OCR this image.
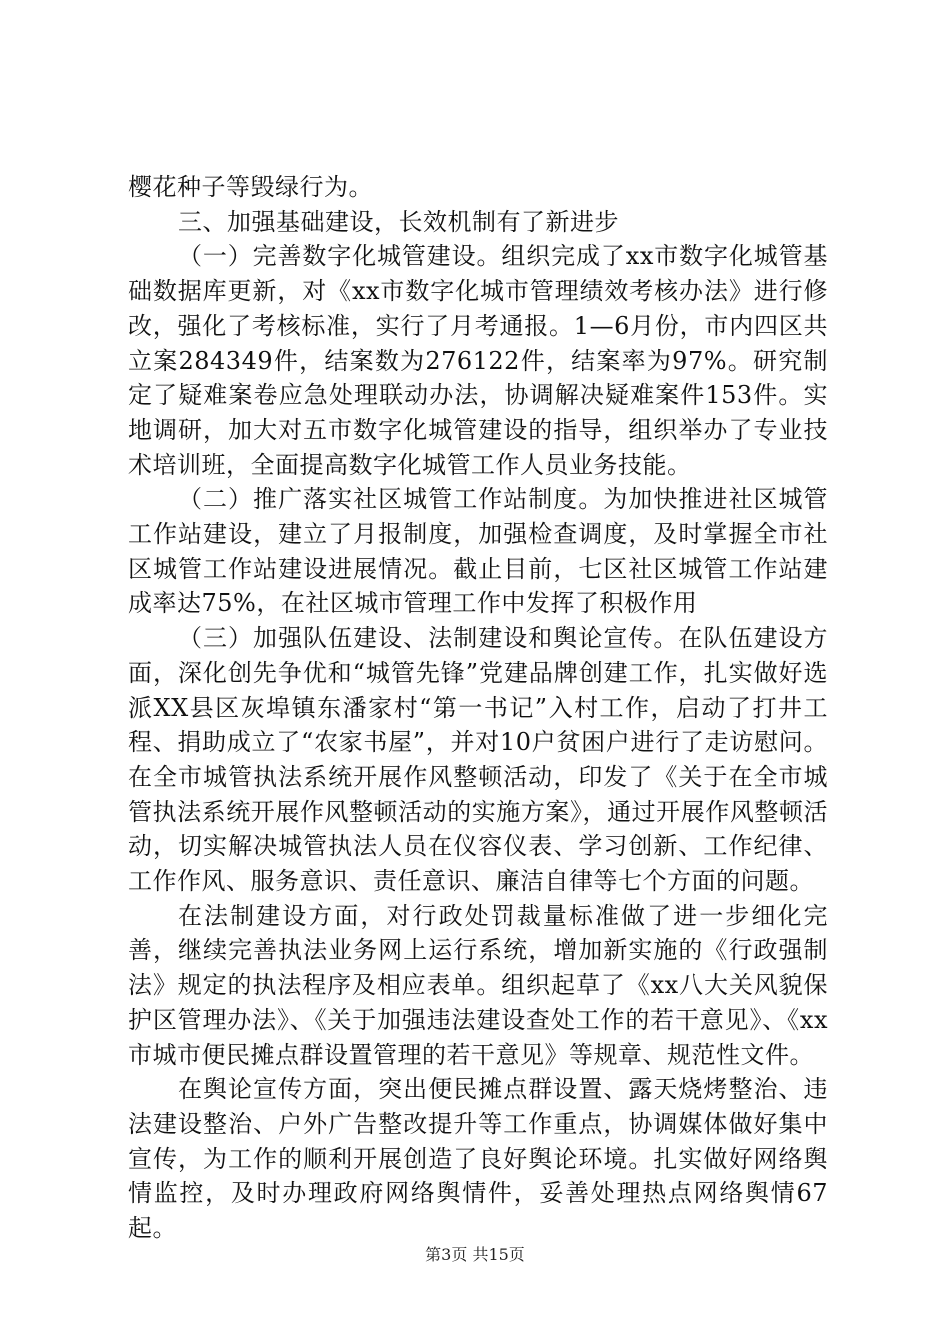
樱花种子等毁绿行为。

三、加强基础建设，长效机制有了新进步

（一）完善数字化城管建设。组织完成了xx市数字化城管基础数据库更新，对《xx市数字化城市管理绩效考核办法》进行修改，强化了考核标准，实行了月考通报。1—6月份，市内四区共立案284349件，结案数为276122件，结案率为97%。研究制定了疑难案卷应急处理联动办法，协调解决疑难案件153件。实地调研，加大对五市数字化城管建设的指导，组织举办了专业技术培训班，全面提高数字化城管工作人员业务技能。

（二）推广落实社区城管工作站制度。为加快推进社区城管工作站建设，建立了月报制度，加强检查调度，及时掌握全市社区城管工作站建设进展情况。截止目前，七区社区城管工作站建成率达75%，在社区城市管理工作中发挥了积极作用

（三）加强队伍建设、法制建设和舆论宣传。在队伍建设方面，深化创先争优和“城管先锋”党建品牌创建工作，扎实做好选派XX县区灰埠镇东潘家村“第一书记”入村工作，启动了打井工程、捐助成立了“农家书屋”，并对10户贫困户进行了走访慰问。在全市城管执法系统开展作风整顿活动，印发了《关于在全市城管执法系统开展作风整顿活动的实施方案》，通过开展作风整顿活动，切实解决城管执法人员在仪容仪表、学习创新、工作纪律、工作作风、服务意识、责任意识、廉洁自律等七个方面的问题。

在法制建设方面，对行政处罚裁量标准做了进一步细化完善，继续完善执法业务网上运行系统，增加新实施的《行政强制法》规定的执法程序及相应表单。组织起草了《xx八大关风貌保护区管理办法》、《关于加强违法建设查处工作的若干意见》、《xx市城市便民摊点群设置管理的若干意见》等规章、规范性文件。

在舆论宣传方面，突出便民摊点群设置、露天烧烤整治、违法建设整治、户外广告整改提升等工作重点，协调媒体做好集中宣传，为工作的顺利开展创造了良好舆论环境。扎实做好网络舆情监控，及时办理政府网络舆情件，妥善处理热点网络舆情67起。

第3页 共15页
